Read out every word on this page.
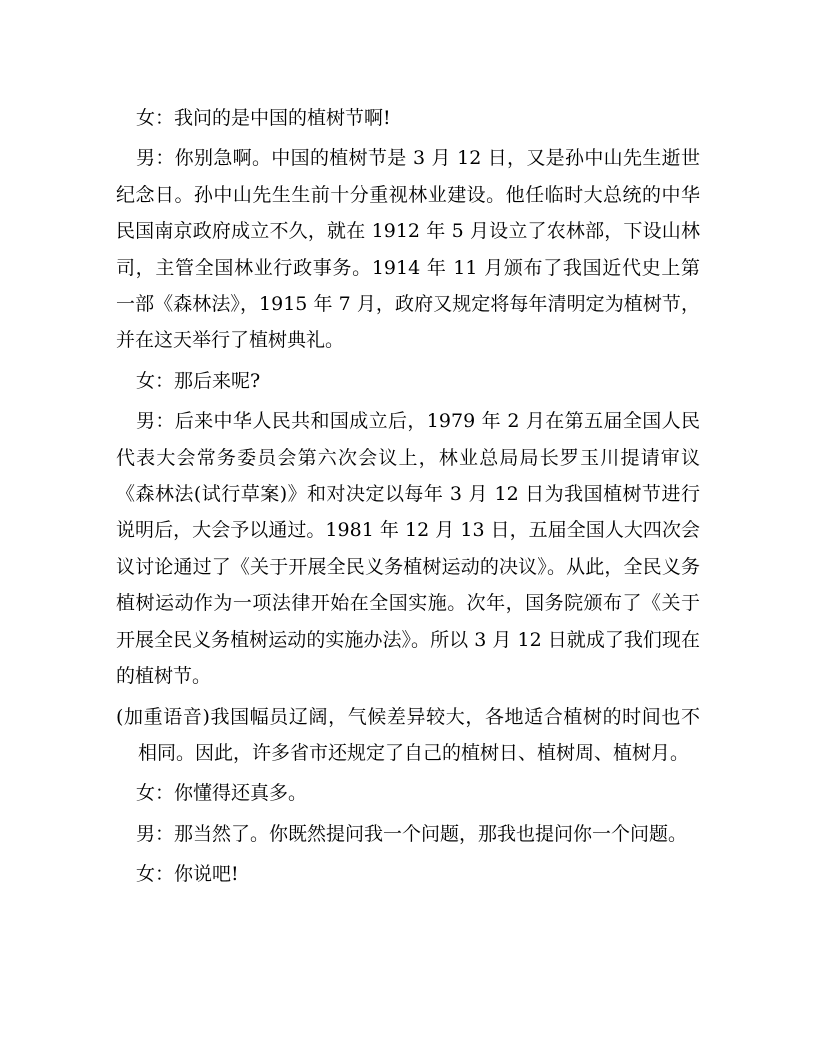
女：我问的是中国的植树节啊!

男：你别急啊。中国的植树节是 3 月 12 日，又是孙中山先生逝世纪念日。孙中山先生生前十分重视林业建设。他任临时大总统的中华民国南京政府成立不久，就在 1912 年 5 月设立了农林部，下设山林司，主管全国林业行政事务。1914 年 11 月颁布了我国近代史上第一部《森林法》，1915 年 7 月，政府又规定将每年清明定为植树节，并在这天举行了植树典礼。

女：那后来呢?

男：后来中华人民共和国成立后，1979 年 2 月在第五届全国人民代表大会常务委员会第六次会议上，林业总局局长罗玉川提请审议《森林法(试行草案)》和对决定以每年 3 月 12 日为我国植树节进行说明后，大会予以通过。1981 年 12 月 13 日，五届全国人大四次会议讨论通过了《关于开展全民义务植树运动的决议》。从此，全民义务植树运动作为一项法律开始在全国实施。次年，国务院颁布了《关于开展全民义务植树运动的实施办法》。所以 3 月 12 日就成了我们现在的植树节。

(加重语音)我国幅员辽阔，气候差异较大，各地适合植树的时间也不相同。因此，许多省市还规定了自己的植树日、植树周、植树月。

女：你懂得还真多。

男：那当然了。你既然提问我一个问题，那我也提问你一个问题。

女：你说吧!
